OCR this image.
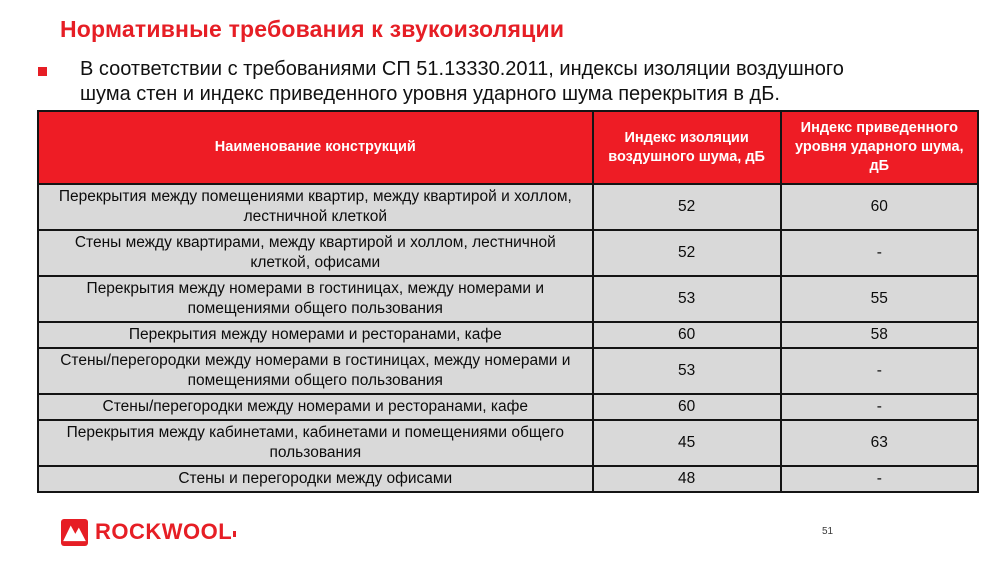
Нормативные требования к звукоизоляции
В соответствии с требованиями СП 51.13330.2011, индексы изоляции воздушного
шума стен и индекс приведенного уровня ударного шума перекрытия в дБ.
Наименование конструкций	Индекс изоляции воздушного шума, дБ	Индекс приведенного уровня ударного шума, дБ
Перекрытия между помещениями квартир, между квартирой и холлом, лестничной клеткой	52	60
Стены между квартирами, между квартирой и холлом, лестничной клеткой, офисами	52	-
Перекрытия между номерами в гостиницах, между номерами и помещениями общего пользования	53	55
Перекрытия между номерами и ресторанами, кафе	60	58
Стены/перегородки между номерами в гостиницах, между номерами и помещениями общего пользования	53	-
Стены/перегородки между номерами и ресторанами, кафе	60	-
Перекрытия между кабинетами, кабинетами и помещениями общего пользования	45	63
Стены и перегородки между офисами	48	-
ROCKWOOL	51
